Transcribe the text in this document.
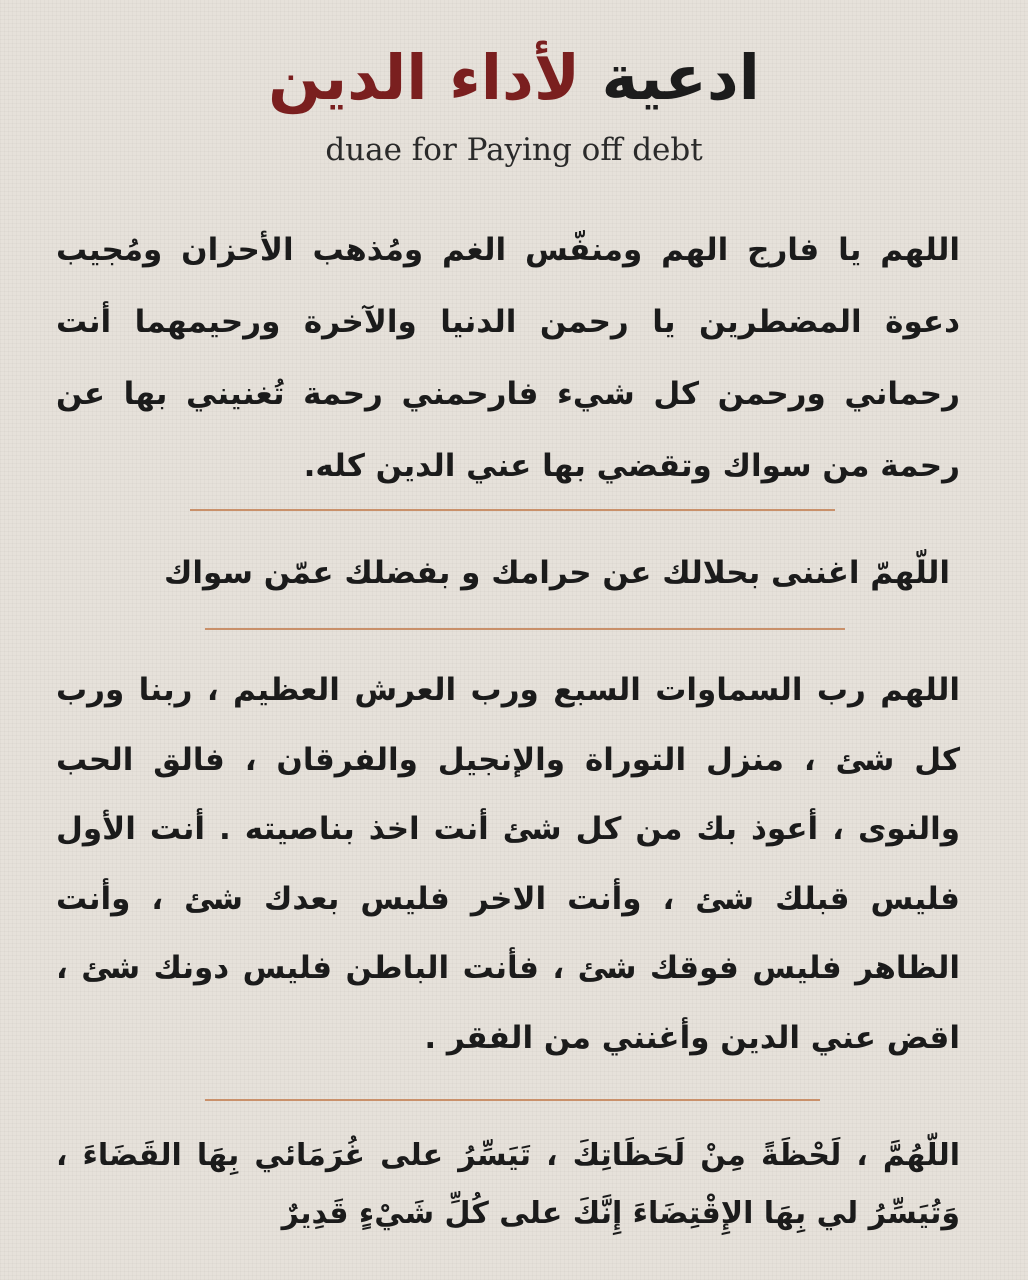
ادعية لأداء الدين
duae for Paying off debt
اللهم يا فارج الهم ومنفّس الغم ومُذهب الأحزان ومُجيب دعوة المضطرين يا رحمن الدنيا والآخرة ورحيمهما أنت رحماني ورحمن كل شيء فارحمني رحمة تُغنيني بها عن رحمة من سواك وتقضي بها عني الدين كله.
اللّهمّ اغننى بحلالك عن حرامك و بفضلك عمّن سواك
اللهم رب السماوات السبع ورب العرش العظيم ، ربنا ورب كل شئ ، منزل التوراة والإنجيل والفرقان ، فالق الحب والنوى ، أعوذ بك من كل شئ أنت اخذ بناصيته . أنت الأول فليس قبلك شئ ، وأنت الاخر فليس بعدك شئ ، وأنت الظاهر فليس فوقك شئ ، فأنت الباطن فليس دونك شئ ، اقض عني الدين وأغنني من الفقر .
اللّهُمَّ ، لَحْظَةً مِنْ لَحَظَاتِكَ ، تَيَسِّرُ على غُرَمَائي بِهَا القَضَاءَ ، وَتُيَسِّرُ لي بِهَا الإِقْتِضَاءَ إِنَّكَ على كُلِّ شَيْءٍ قَدِيرٌ
